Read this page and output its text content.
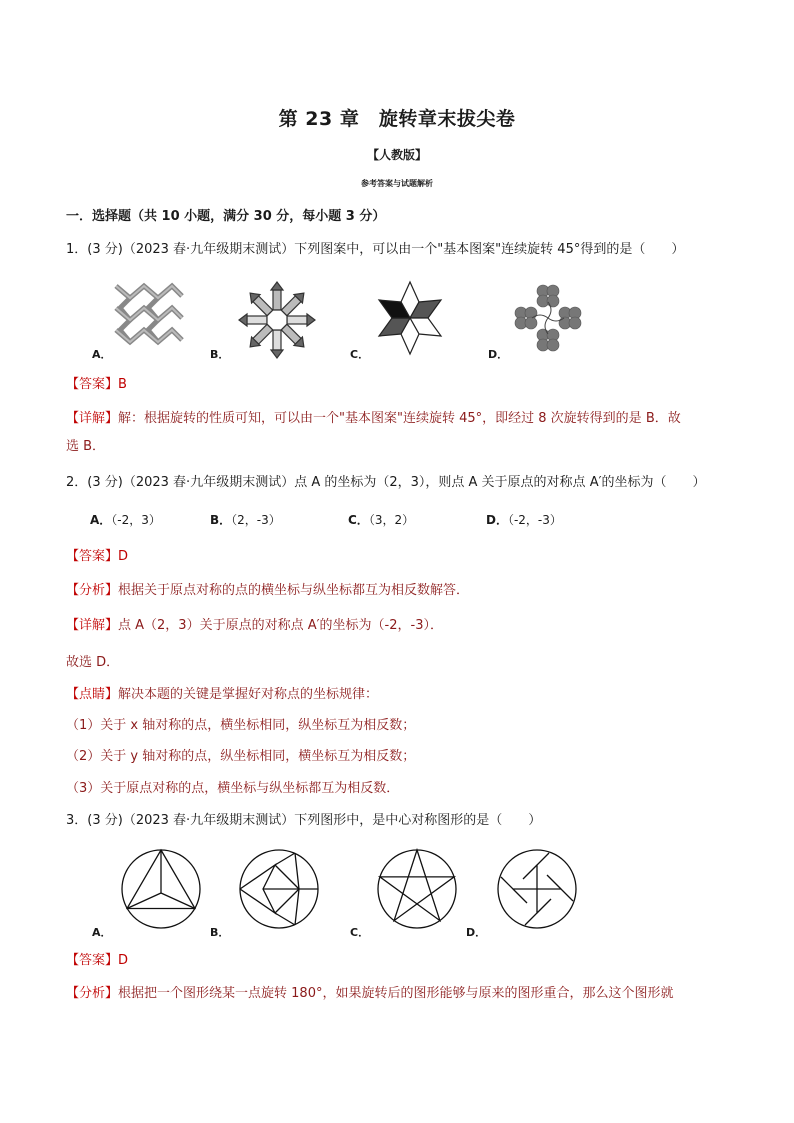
第 23 章　旋转章末拔尖卷
【人教版】
参考答案与试题解析
一．选择题（共 10 小题，满分 30 分，每小题 3 分）
1．(3 分)（2023 春·九年级期末测试）下列图案中，可以由一个"基本图案"连续旋转 45°得到的是（　　）
A．	B．	C．	D．
【答案】B
【详解】解：根据旋转的性质可知，可以由一个"基本图案"连续旋转 45°，即经过 8 次旋转得到的是 B．故
选 B．
2．(3 分)（2023 春·九年级期末测试）点 A 的坐标为（2，3），则点 A 关于原点的对称点 A′的坐标为（　　）
A．（-2，3）	B．（2，-3）	C．（3，2）	D．（-2，-3）
【答案】D
【分析】根据关于原点对称的点的横坐标与纵坐标都互为相反数解答．
【详解】点 A（2，3）关于原点的对称点 A′的坐标为（-2，-3）．
故选 D．
【点睛】解决本题的关键是掌握好对称点的坐标规律：
（1）关于 x 轴对称的点，横坐标相同，纵坐标互为相反数；
（2）关于 y 轴对称的点，纵坐标相同，横坐标互为相反数；
（3）关于原点对称的点，横坐标与纵坐标都互为相反数．
3．(3 分)（2023 春·九年级期末测试）下列图形中，是中心对称图形的是（　　）
A．	B．	C．	D．
【答案】D
【分析】根据把一个图形绕某一点旋转 180°，如果旋转后的图形能够与原来的图形重合，那么这个图形就
